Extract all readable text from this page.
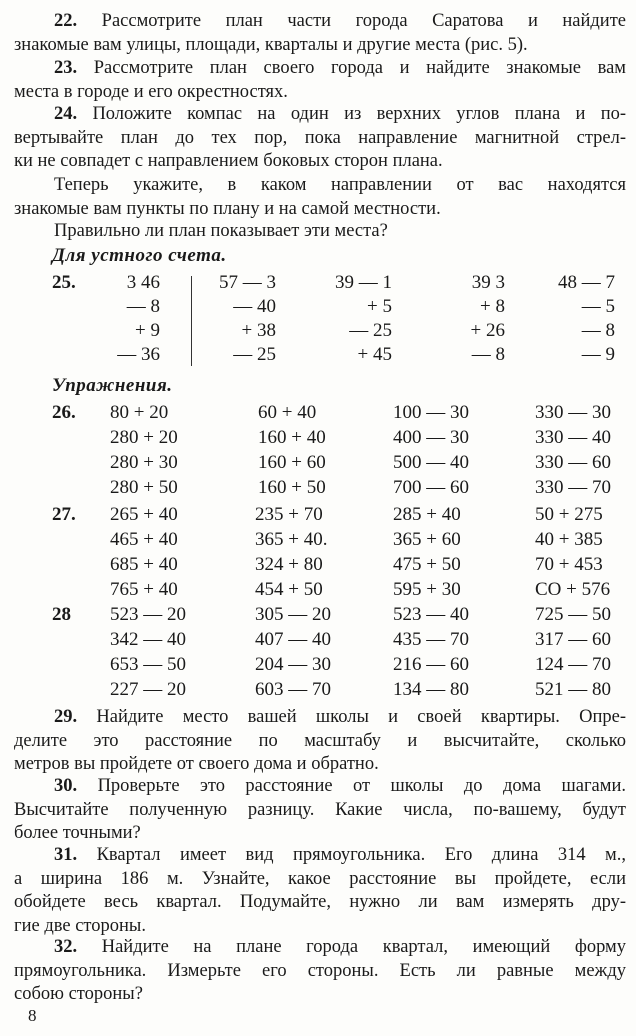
22. Рассмотрите план части города Саратова и найдите
знакомые вам улицы, площади, кварталы и другие места (рис. 5).
23. Рассмотрите план своего города и найдите знакомые вам
места в городе и его окрестностях.
24. Положите компас на один из верхних углов плана и по-
вертывайте план до тех пор, пока направление магнитной стрел-
ки не совпадет с направлением боковых сторон плана.
Теперь укажите, в каком направлении от вас находятся
знакомые вам пункты по плану и на самой местности.
Правильно ли план показывает эти места?
Для устного счета.
25.	3 46
— 8
+ 9
— 36
57 — 3
— 40
+ 38
— 25
39 — 1
+ 5
— 25
+ 45
39 3
+ 8
+ 26
— 8
48 — 7
— 5
— 8
— 9
Упражнения.
26. 80 + 20
280 + 20
280 + 30
280 + 50
60 + 40
160 + 40
160 + 60
160 + 50
100 — 30
400 — 30
500 — 40
700 — 60
330 — 30
330 — 40
330 — 60
330 — 70
27. 265 + 40
465 + 40
685 + 40
765 + 40
235 + 70
365 + 40.
324 + 80
454 + 50
285 + 40
365 + 60
475 + 50
595 + 30
50 + 275
40 + 385
70 + 453
CO + 576
28 523 — 20
342 — 40
653 — 50
227 — 20
305 — 20
407 — 40
204 — 30
603 — 70
523 — 40
435 — 70
216 — 60
134 — 80
725 — 50
317 — 60
124 — 70
521 — 80
29. Найдите место вашей школы и своей квартиры. Опре-
делите это расстояние по масштабу и высчитайте, сколько
метров вы пройдете от своего дома и обратно.
30. Проверьте это расстояние от школы до дома шагами.
Высчитайте полученную разницу. Какие числа, по-вашему, будут
более точными?
31. Квартал имеет вид прямоугольника. Его длина 314 м.,
а ширина 186 м. Узнайте, какое расстояние вы пройдете, если
обойдете весь квартал. Подумайте, нужно ли вам измерять дру-
гие две стороны.
32. Найдите на плане города квартал, имеющий форму
прямоугольника. Измерьте его стороны. Есть ли равные между
собою стороны?
8
